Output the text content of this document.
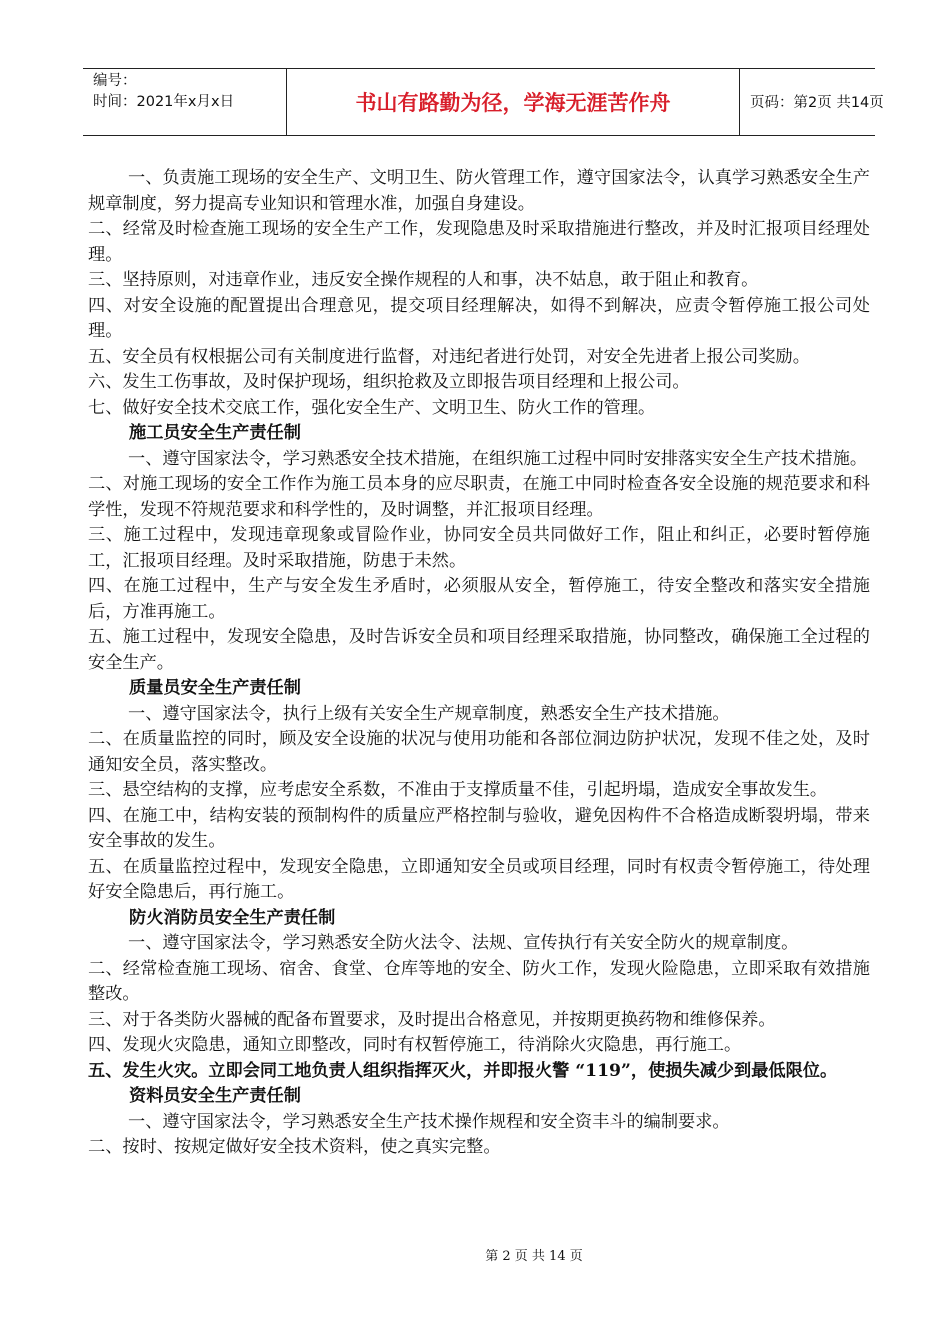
编号：
时间：2021年x月x日	书山有路勤为径，学海无涯苦作舟	页码：第2页 共14页

一、负责施工现场的安全生产、文明卫生、防火管理工作，遵守国家法令，认真学习熟悉安全生产规章制度，努力提高专业知识和管理水准，加强自身建设。

二、经常及时检查施工现场的安全生产工作，发现隐患及时采取措施进行整改，并及时汇报项目经理处理。

三、坚持原则，对违章作业，违反安全操作规程的人和事，决不姑息，敢于阻止和教育。

四、对安全设施的配置提出合理意见，提交项目经理解决，如得不到解决，应责令暂停施工报公司处理。

五、安全员有权根据公司有关制度进行监督，对违纪者进行处罚，对安全先进者上报公司奖励。

六、发生工伤事故，及时保护现场，组织抢救及立即报告项目经理和上报公司。

七、做好安全技术交底工作，强化安全生产、文明卫生、防火工作的管理。

施工员安全生产责任制

一、遵守国家法令，学习熟悉安全技术措施，在组织施工过程中同时安排落实安全生产技术措施。

二、对施工现场的安全工作作为施工员本身的应尽职责，在施工中同时检查各安全设施的规范要求和科学性，发现不符规范要求和科学性的，及时调整，并汇报项目经理。

三、施工过程中，发现违章现象或冒险作业，协同安全员共同做好工作，阻止和纠正，必要时暂停施工，汇报项目经理。及时采取措施，防患于未然。

四、在施工过程中，生产与安全发生矛盾时，必须服从安全，暂停施工，待安全整改和落实安全措施后，方准再施工。

五、施工过程中，发现安全隐患，及时告诉安全员和项目经理采取措施，协同整改，确保施工全过程的安全生产。

质量员安全生产责任制

一、遵守国家法令，执行上级有关安全生产规章制度，熟悉安全生产技术措施。

二、在质量监控的同时，顾及安全设施的状况与使用功能和各部位洞边防护状况，发现不佳之处，及时通知安全员，落实整改。

三、悬空结构的支撑，应考虑安全系数，不准由于支撑质量不佳，引起坍塌，造成安全事故发生。

四、在施工中，结构安装的预制构件的质量应严格控制与验收，避免因构件不合格造成断裂坍塌，带来安全事故的发生。

五、在质量监控过程中，发现安全隐患，立即通知安全员或项目经理，同时有权责令暂停施工，待处理好安全隐患后，再行施工。

防火消防员安全生产责任制

一、遵守国家法令，学习熟悉安全防火法令、法规、宣传执行有关安全防火的规章制度。

二、经常检查施工现场、宿舍、食堂、仓库等地的安全、防火工作，发现火险隐患，立即采取有效措施整改。

三、对于各类防火器械的配备布置要求，及时提出合格意见，并按期更换药物和维修保养。

四、发现火灾隐患，通知立即整改，同时有权暂停施工，待消除火灾隐患，再行施工。

五、发生火灾。立即会同工地负责人组织指挥灭火，并即报火警 “119”，使损失减少到最低限位。

资料员安全生产责任制

一、遵守国家法令，学习熟悉安全生产技术操作规程和安全资丰斗的编制要求。

二、按时、按规定做好安全技术资料，使之真实完整。

第 2 页 共 14 页
